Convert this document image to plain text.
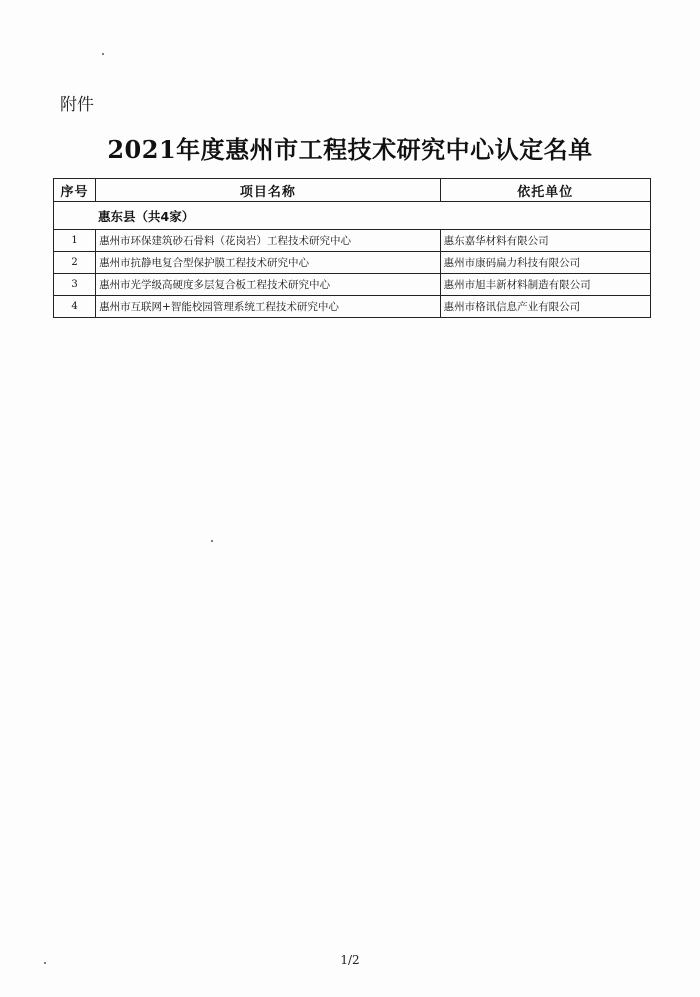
附件
2021年度惠州市工程技术研究中心认定名单
序号	项目名称	依托单位
惠东县（共4家）		
1	惠州市环保建筑砂石骨料（花岗岩）工程技术研究中心	惠东嘉华材料有限公司
2	惠州市抗静电复合型保护膜工程技术研究中心	惠州市康码扁力科技有限公司
3	惠州市光学级高硬度多层复合板工程技术研究中心	惠州市旭丰新材料制造有限公司
4	惠州市互联网+智能校园管理系统工程技术研究中心	惠州市格讯信息产业有限公司
1/2
